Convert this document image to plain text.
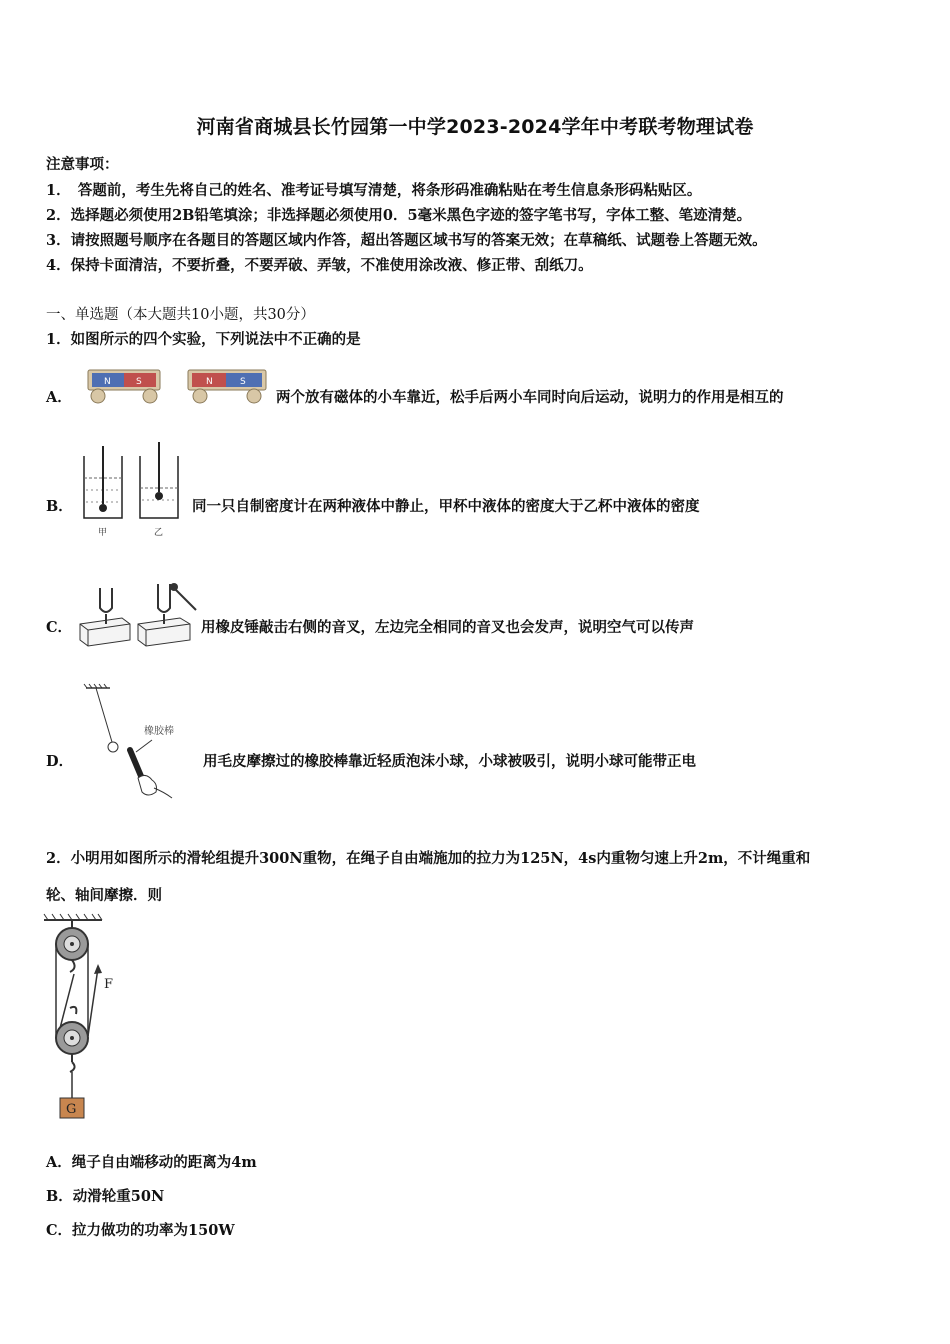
河南省商城县长竹园第一中学2023-2024学年中考联考物理试卷
注意事项：
1．　答题前，考生先将自己的姓名、准考证号填写清楚，将条形码准确粘贴在考生信息条形码粘贴区。
2．选择题必须使用2B铅笔填涂；非选择题必须使用0．5毫米黑色字迹的签字笔书写，字体工整、笔迹清楚。
3．请按照题号顺序在各题目的答题区域内作答，超出答题区域书写的答案无效；在草稿纸、试题卷上答题无效。
4．保持卡面清洁，不要折叠，不要弄破、弄皱，不准使用涂改液、修正带、刮纸刀。
一、单选题（本大题共10小题，共30分）
1．如图所示的四个实验，下列说法中不正确的是
A．
N	S	N	S
两个放有磁体的小车靠近，松手后两小车同时向后运动，说明力的作用是相互的
B．
甲	乙
同一只自制密度计在两种液体中静止，甲杯中液体的密度大于乙杯中液体的密度
C．	用橡皮锤敲击右侧的音叉，左边完全相同的音叉也会发声，说明空气可以传声
D．
橡胶棒
用毛皮摩擦过的橡胶棒靠近轻质泡沫小球，小球被吸引，说明小球可能带正电
2．小明用如图所示的滑轮组提升300N重物，在绳子自由端施加的拉力为125N，4s内重物匀速上升2m，不计绳重和
轮、轴间摩擦．则
F
G
A．绳子自由端移动的距离为4m
B．动滑轮重50N
C．拉力做功的功率为150W
